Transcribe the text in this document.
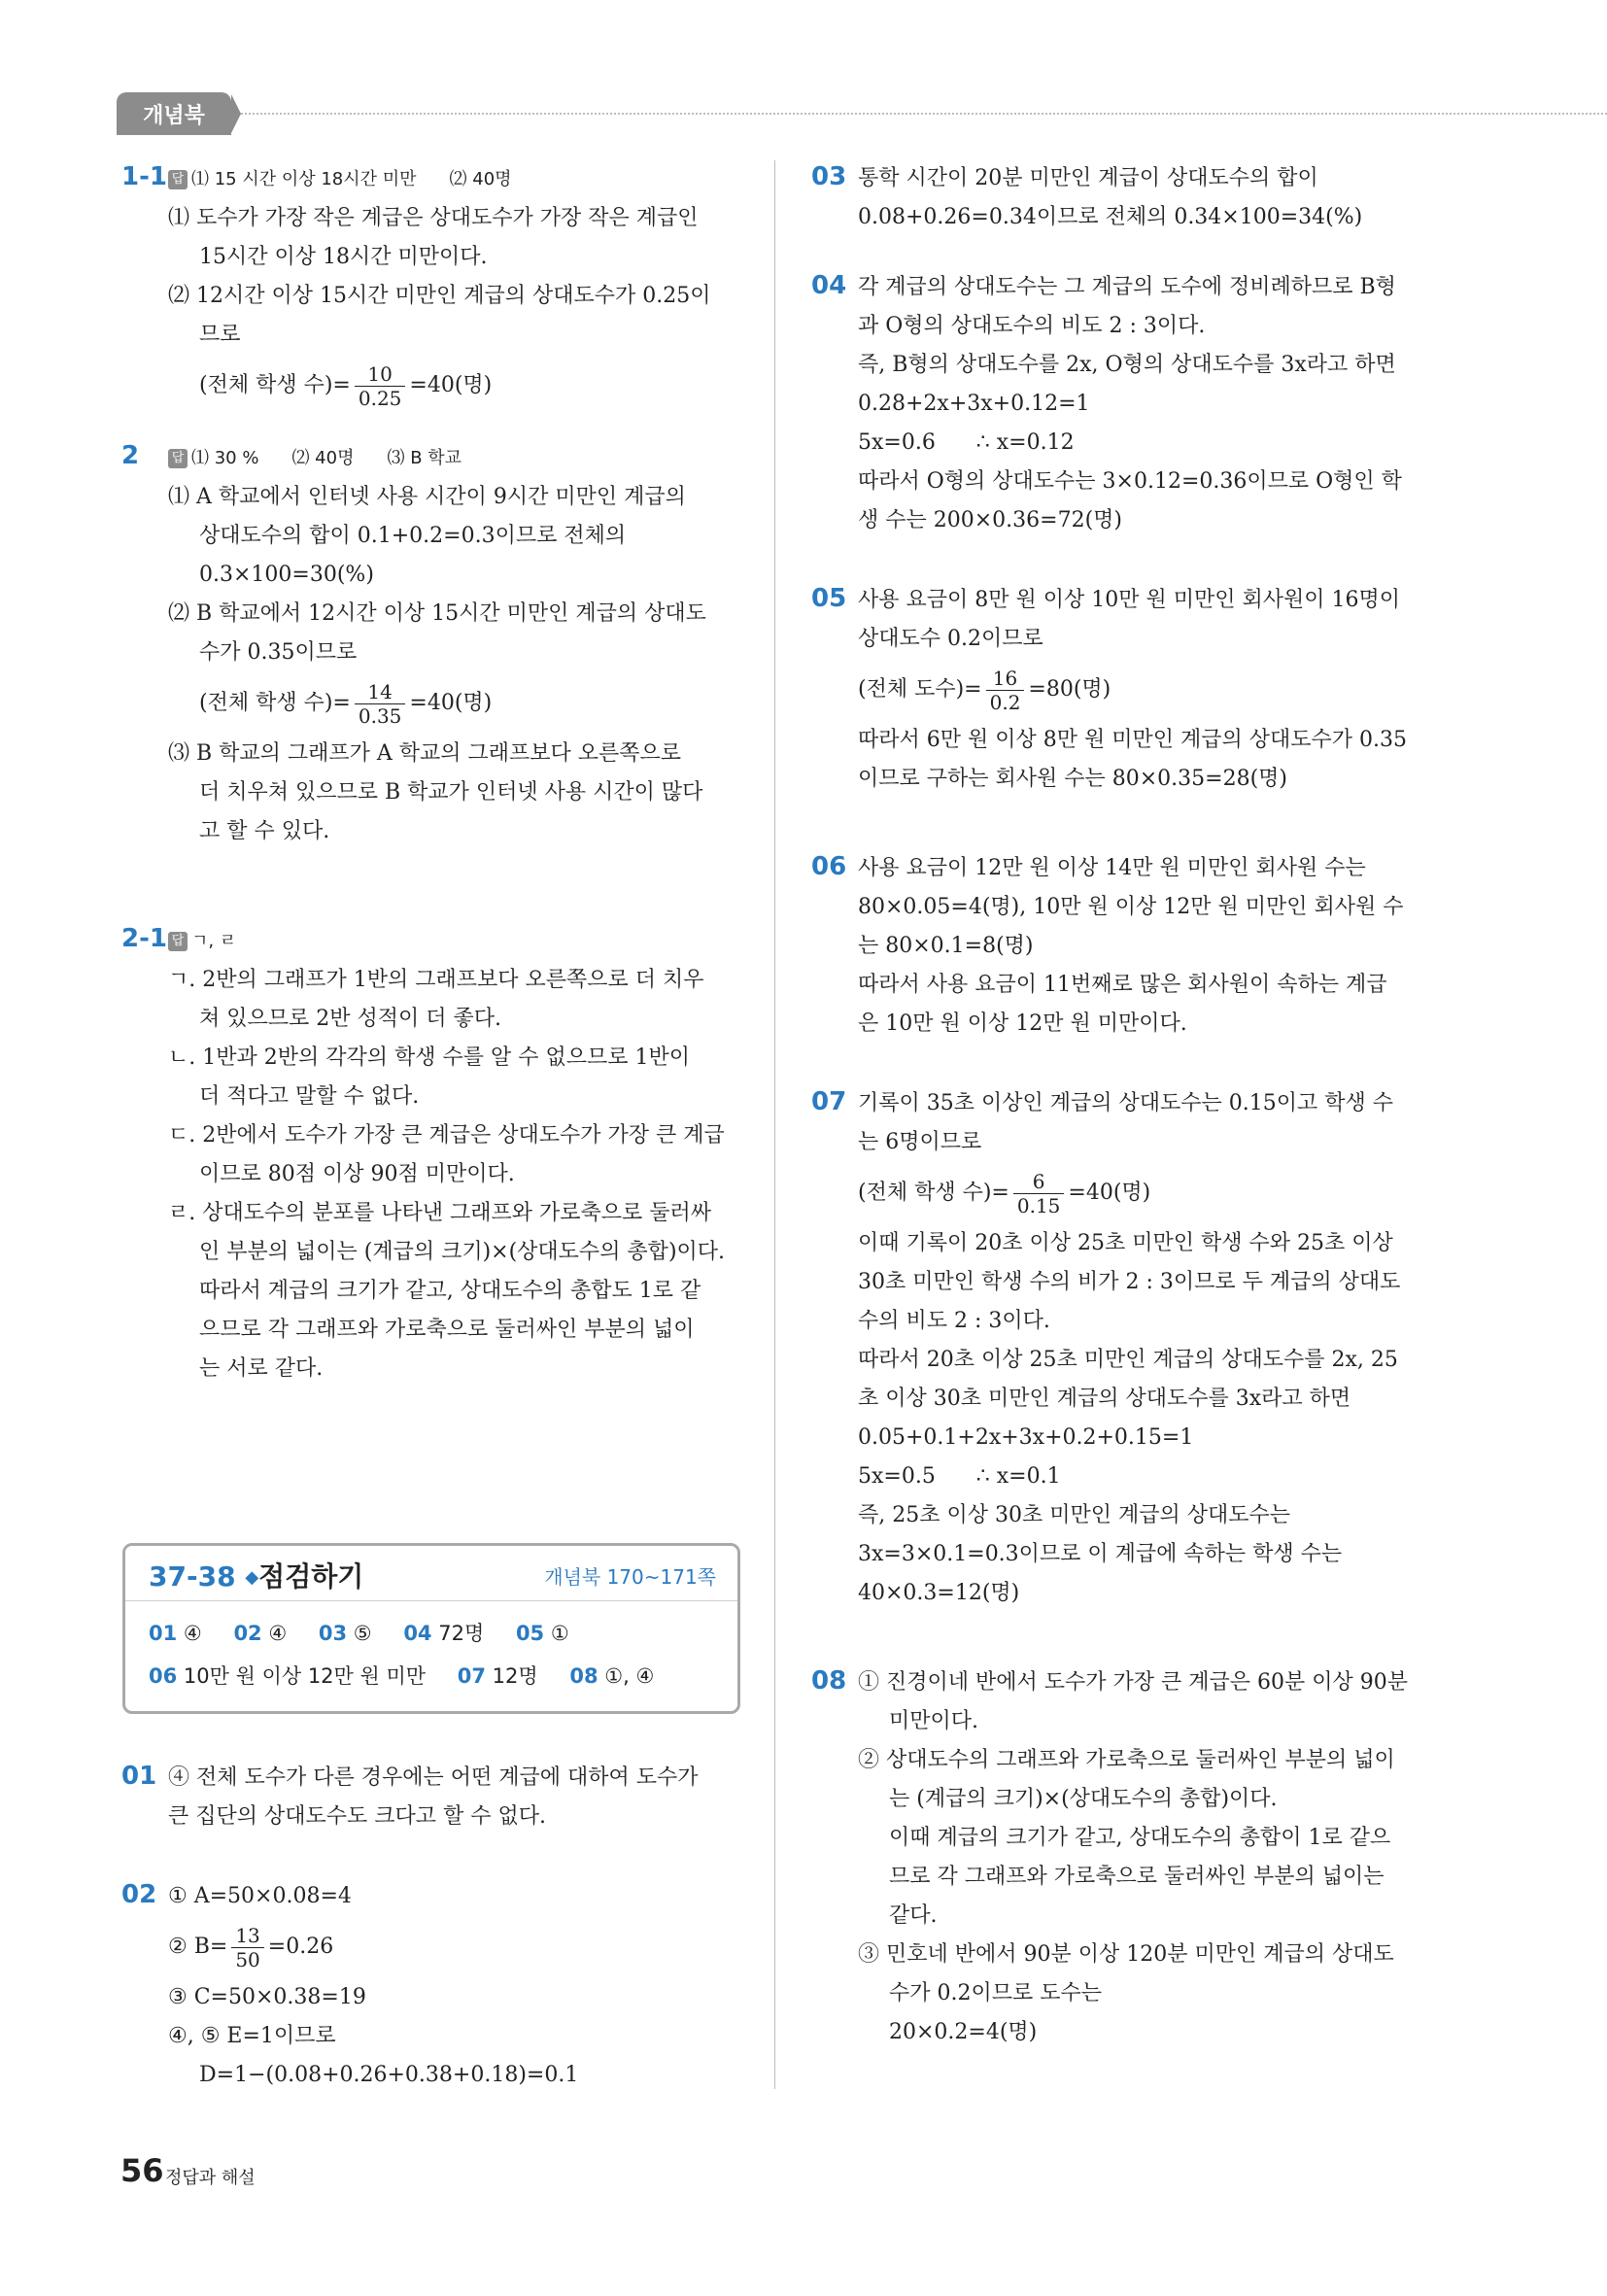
개념북
1-1 답 ⑴ 15 시간 이상 18시간 미만 ⑵ 40명
⑴ 도수가 가장 작은 계급은 상대도수가 가장 작은 계급인
15시간 이상 18시간 미만이다.
⑵ 12시간 이상 15시간 미만인 계급의 상대도수가 0.25이
므로
(전체 학생 수)= $\frac{10}{0.25} =40$(명)
2	답 ⑴ 30 % ⑵ 40명 ⑶ B 학교
⑴ A 학교에서 인터넷 사용 시간이 9시간 미만인 계급의
상대도수의 합이 0.1+0.2=0.3이므로 전체의
0.3×100=30(%)
⑵ B 학교에서 12시간 이상 15시간 미만인 계급의 상대도
수가 0.35이므로
(전체 학생 수)= $\frac{14}{0.35} =40$(명)
⑶ B 학교의 그래프가 A 학교의 그래프보다 오른쪽으로
더 치우쳐 있으므로 B 학교가 인터넷 사용 시간이 많다
고 할 수 있다.
2-1 답 ㄱ, ㄹ
ㄱ. 2반의 그래프가 1반의 그래프보다 오른쪽으로 더 치우
쳐 있으므로 2반 성적이 더 좋다.
ㄴ. 1반과 2반의 각각의 학생 수를 알 수 없으므로 1반이
더 적다고 말할 수 없다.
ㄷ. 2반에서 도수가 가장 큰 계급은 상대도수가 가장 큰 계급
이므로 80점 이상 90점 미만이다.
ㄹ. 상대도수의 분포를 나타낸 그래프와 가로축으로 둘러싸
인 부분의 넓이는 (계급의 크기)×(상대도수의 총합)이다.
따라서 계급의 크기가 같고, 상대도수의 총합도 1로 같
으므로 각 그래프와 가로축으로 둘러싸인 부분의 넓이
는 서로 같다.
37-38 ◆점검하기	개념북 170~171쪽
01 ④ 02 ④ 03 ⑤ 04 72명 05 ①
06 10만 원 이상 12만 원 미만 07 12명 08 ①, ④
01 ④ 전체 도수가 다른 경우에는 어떤 계급에 대하여 도수가
큰 집단의 상대도수도 크다고 할 수 없다.
02 ① A=50×0.08=4
② $B= \frac{13}{50} =0.26$
③ C=50×0.38=19
④, ⑤ E=1이므로
D=1−(0.08+0.26+0.38+0.18)=0.1
03 통학 시간이 20분 미만인 계급이 상대도수의 합이
0.08+0.26=0.34이므로 전체의 0.34×100=34(%)
04 각 계급의 상대도수는 그 계급의 도수에 정비례하므로 B형
과 O형의 상대도수의 비도 2 : 3이다.
즉, B형의 상대도수를 2x, O형의 상대도수를 3x라고 하면
0.28+2x+3x+0.12=1
5x=0.6      ∴ x=0.12
따라서 O형의 상대도수는 3×0.12=0.36이므로 O형인 학
생 수는 200×0.36=72(명)
05 사용 요금이 8만 원 이상 10만 원 미만인 회사원이 16명이
상대도수 0.2이므로
(전체 도수)= $\frac{16}{0.2} =80$(명)
따라서 6만 원 이상 8만 원 미만인 계급의 상대도수가 0.35
이므로 구하는 회사원 수는 80×0.35=28(명)
06 사용 요금이 12만 원 이상 14만 원 미만인 회사원 수는
80×0.05=4(명), 10만 원 이상 12만 원 미만인 회사원 수
는 80×0.1=8(명)
따라서 사용 요금이 11번째로 많은 회사원이 속하는 계급
은 10만 원 이상 12만 원 미만이다.
07 기록이 35초 이상인 계급의 상대도수는 0.15이고 학생 수
는 6명이므로
(전체 학생 수)= $\frac{6}{0.15} =40$(명)
이때 기록이 20초 이상 25초 미만인 학생 수와 25초 이상
30초 미만인 학생 수의 비가 2 : 3이므로 두 계급의 상대도
수의 비도 2 : 3이다.
따라서 20초 이상 25초 미만인 계급의 상대도수를 2x, 25
초 이상 30초 미만인 계급의 상대도수를 3x라고 하면
0.05+0.1+2x+3x+0.2+0.15=1
5x=0.5      ∴ x=0.1
즉, 25초 이상 30초 미만인 계급의 상대도수는
3x=3×0.1=0.3이므로 이 계급에 속하는 학생 수는
40×0.3=12(명)
08 ① 진경이네 반에서 도수가 가장 큰 계급은 60분 이상 90분
미만이다.
② 상대도수의 그래프와 가로축으로 둘러싸인 부분의 넓이
는 (계급의 크기)×(상대도수의 총합)이다.
이때 계급의 크기가 같고, 상대도수의 총합이 1로 같으
므로 각 그래프와 가로축으로 둘러싸인 부분의 넓이는
같다.
③ 민호네 반에서 90분 이상 120분 미만인 계급의 상대도
수가 0.2이므로 도수는
20×0.2=4(명)
56 정답과 해설
